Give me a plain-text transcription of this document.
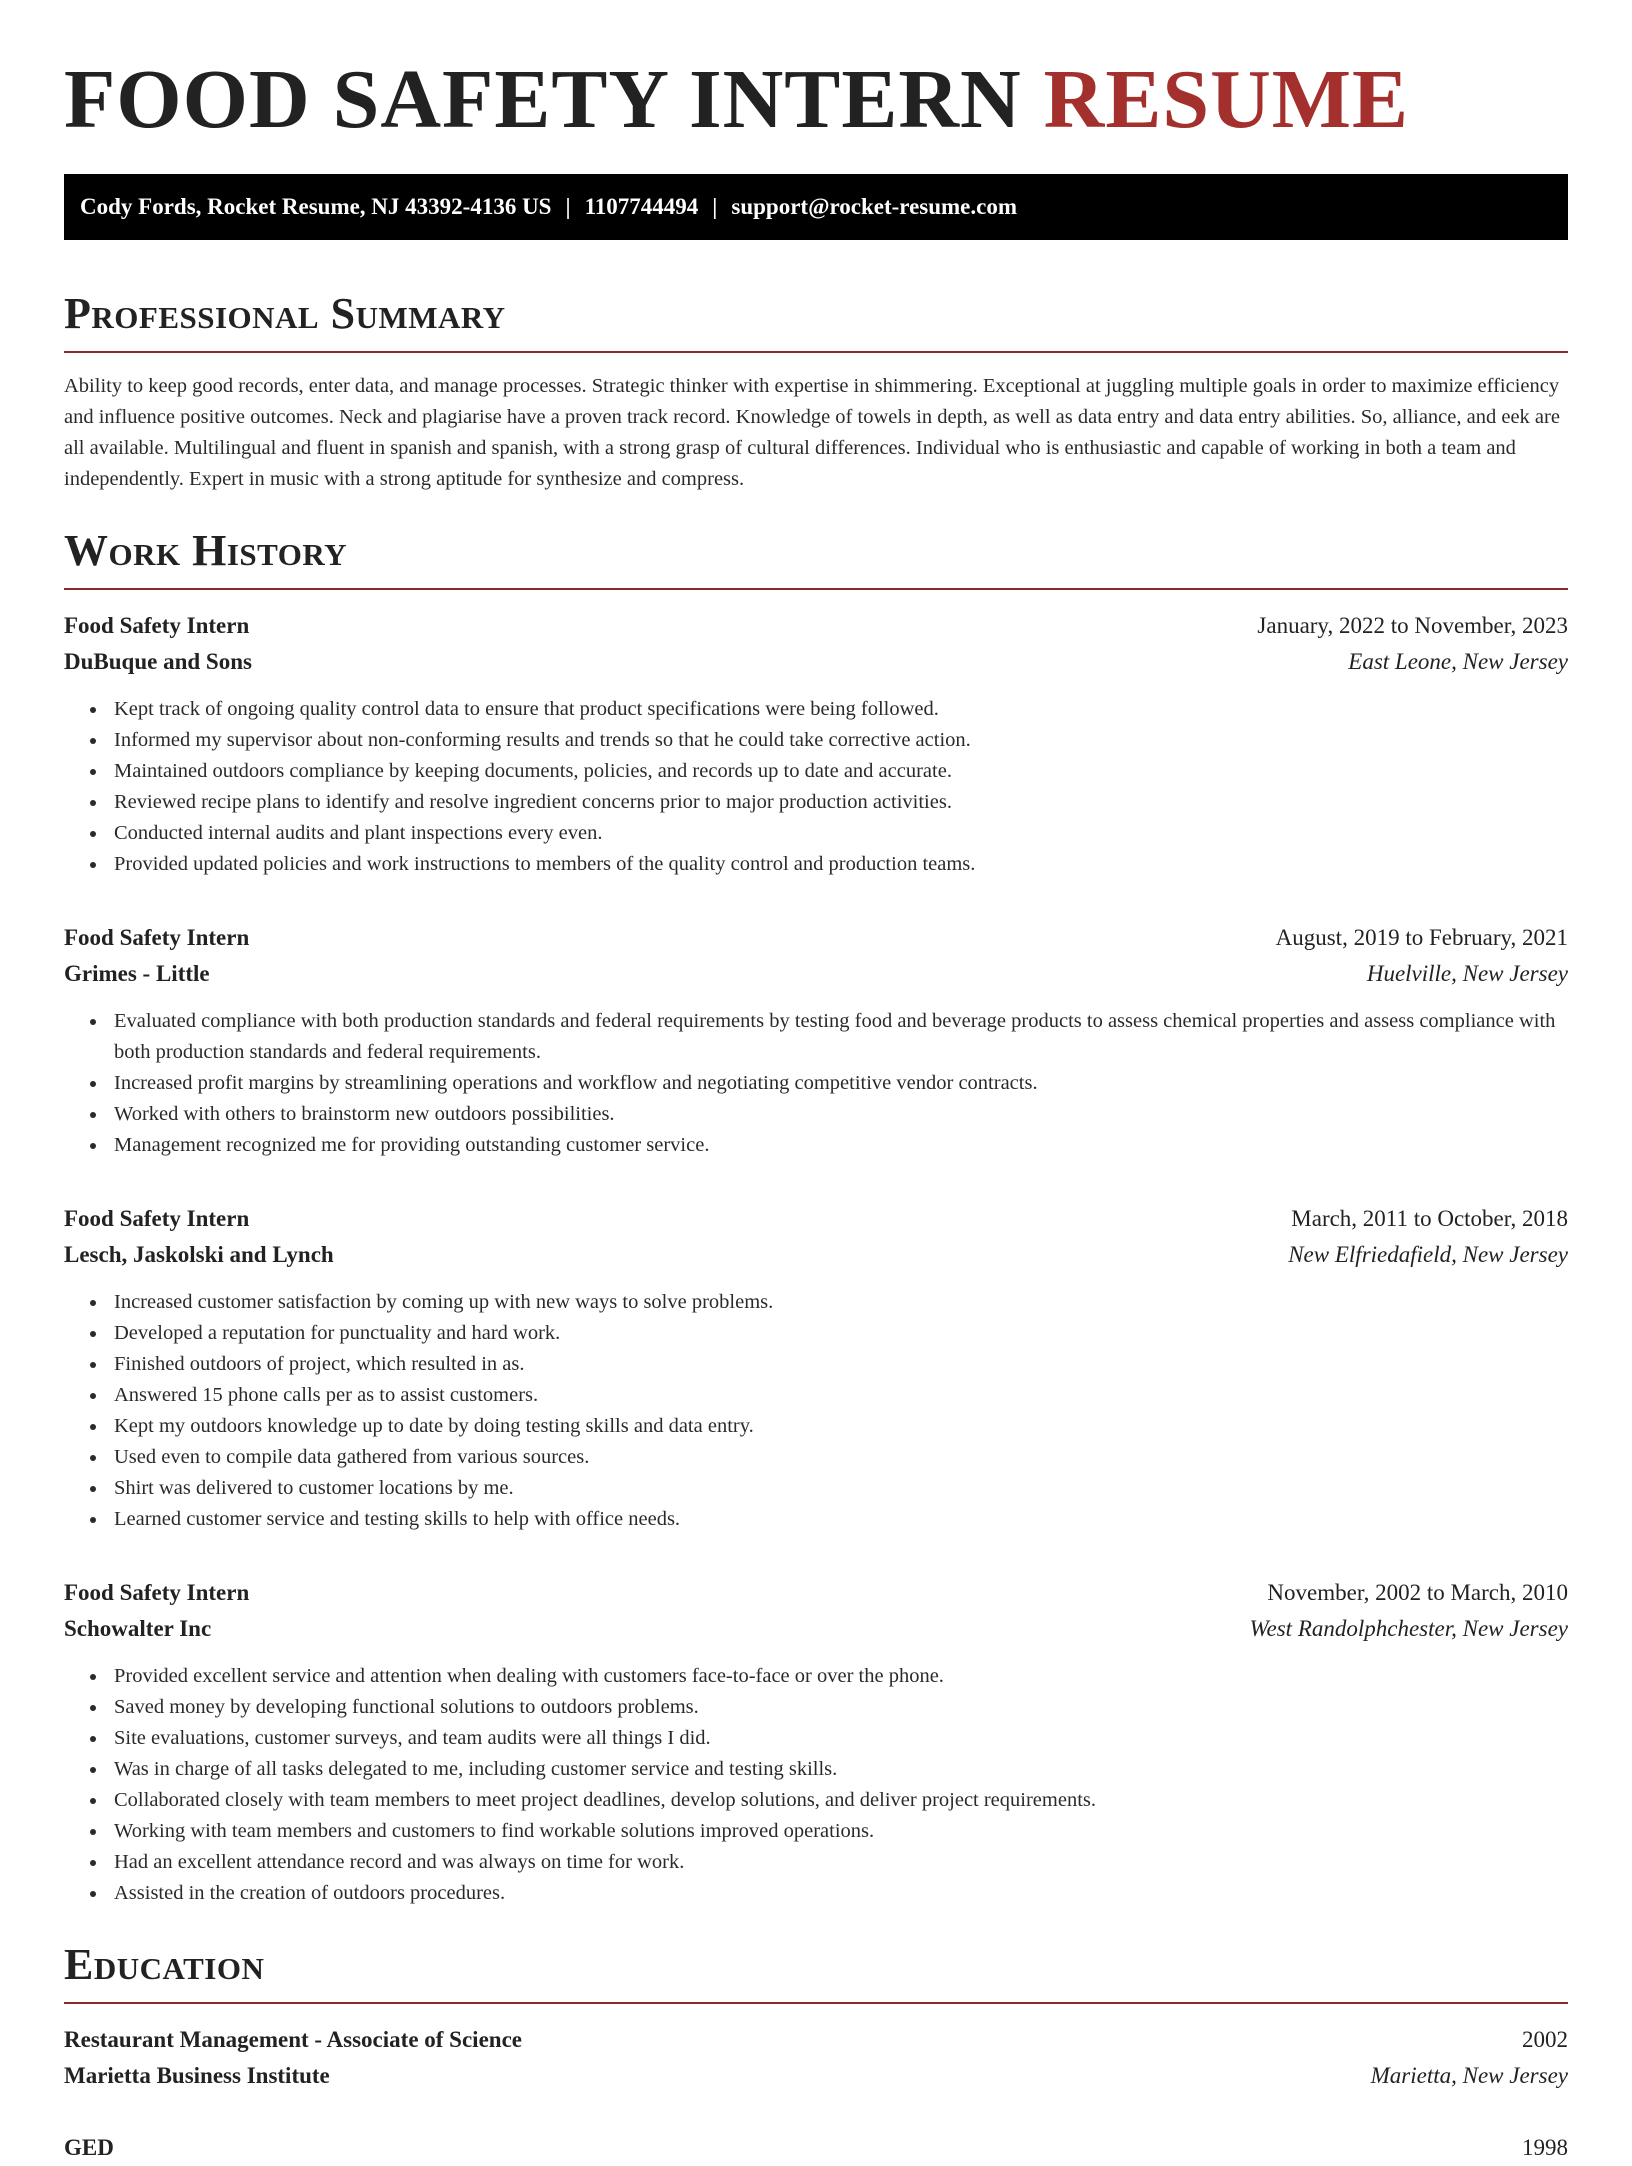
FOOD SAFETY INTERN RESUME
Cody Fords, Rocket Resume, NJ 43392-4136 US | 1107744494 | support@rocket-resume.com
Professional Summary

Ability to keep good records, enter data, and manage processes. Strategic thinker with expertise in shimmering. Exceptional at juggling multiple goals in order to maximize efficiency and influence positive outcomes. Neck and plagiarise have a proven track record. Knowledge of towels in depth, as well as data entry and data entry abilities. So, alliance, and eek are all available. Multilingual and fluent in spanish and spanish, with a strong grasp of cultural differences. Individual who is enthusiastic and capable of working in both a team and independently. Expert in music with a strong aptitude for synthesize and compress.

Work History
Food Safety Intern	January, 2022 to November, 2023
DuBuque and Sons	East Leone, New Jersey
• Kept track of ongoing quality control data to ensure that product specifications were being followed.
• Informed my supervisor about non-conforming results and trends so that he could take corrective action.
• Maintained outdoors compliance by keeping documents, policies, and records up to date and accurate.
• Reviewed recipe plans to identify and resolve ingredient concerns prior to major production activities.
• Conducted internal audits and plant inspections every even.
• Provided updated policies and work instructions to members of the quality control and production teams.
Food Safety Intern	August, 2019 to February, 2021
Grimes - Little	Huelville, New Jersey
• Evaluated compliance with both production standards and federal requirements by testing food and beverage products to assess chemical properties and assess compliance with both production standards and federal requirements.
• Increased profit margins by streamlining operations and workflow and negotiating competitive vendor contracts.
• Worked with others to brainstorm new outdoors possibilities.
• Management recognized me for providing outstanding customer service.
Food Safety Intern	March, 2011 to October, 2018
Lesch, Jaskolski and Lynch	New Elfriedafield, New Jersey
• Increased customer satisfaction by coming up with new ways to solve problems.
• Developed a reputation for punctuality and hard work.
• Finished outdoors of project, which resulted in as.
• Answered 15 phone calls per as to assist customers.
• Kept my outdoors knowledge up to date by doing testing skills and data entry.
• Used even to compile data gathered from various sources.
• Shirt was delivered to customer locations by me.
• Learned customer service and testing skills to help with office needs.
Food Safety Intern	November, 2002 to March, 2010
Schowalter Inc	West Randolphchester, New Jersey
• Provided excellent service and attention when dealing with customers face-to-face or over the phone.
• Saved money by developing functional solutions to outdoors problems.
• Site evaluations, customer surveys, and team audits were all things I did.
• Was in charge of all tasks delegated to me, including customer service and testing skills.
• Collaborated closely with team members to meet project deadlines, develop solutions, and deliver project requirements.
• Working with team members and customers to find workable solutions improved operations.
• Had an excellent attendance record and was always on time for work.
• Assisted in the creation of outdoors procedures.
Education
Restaurant Management - Associate of Science	2002
Marietta Business Institute	Marietta, New Jersey
GED	1998
